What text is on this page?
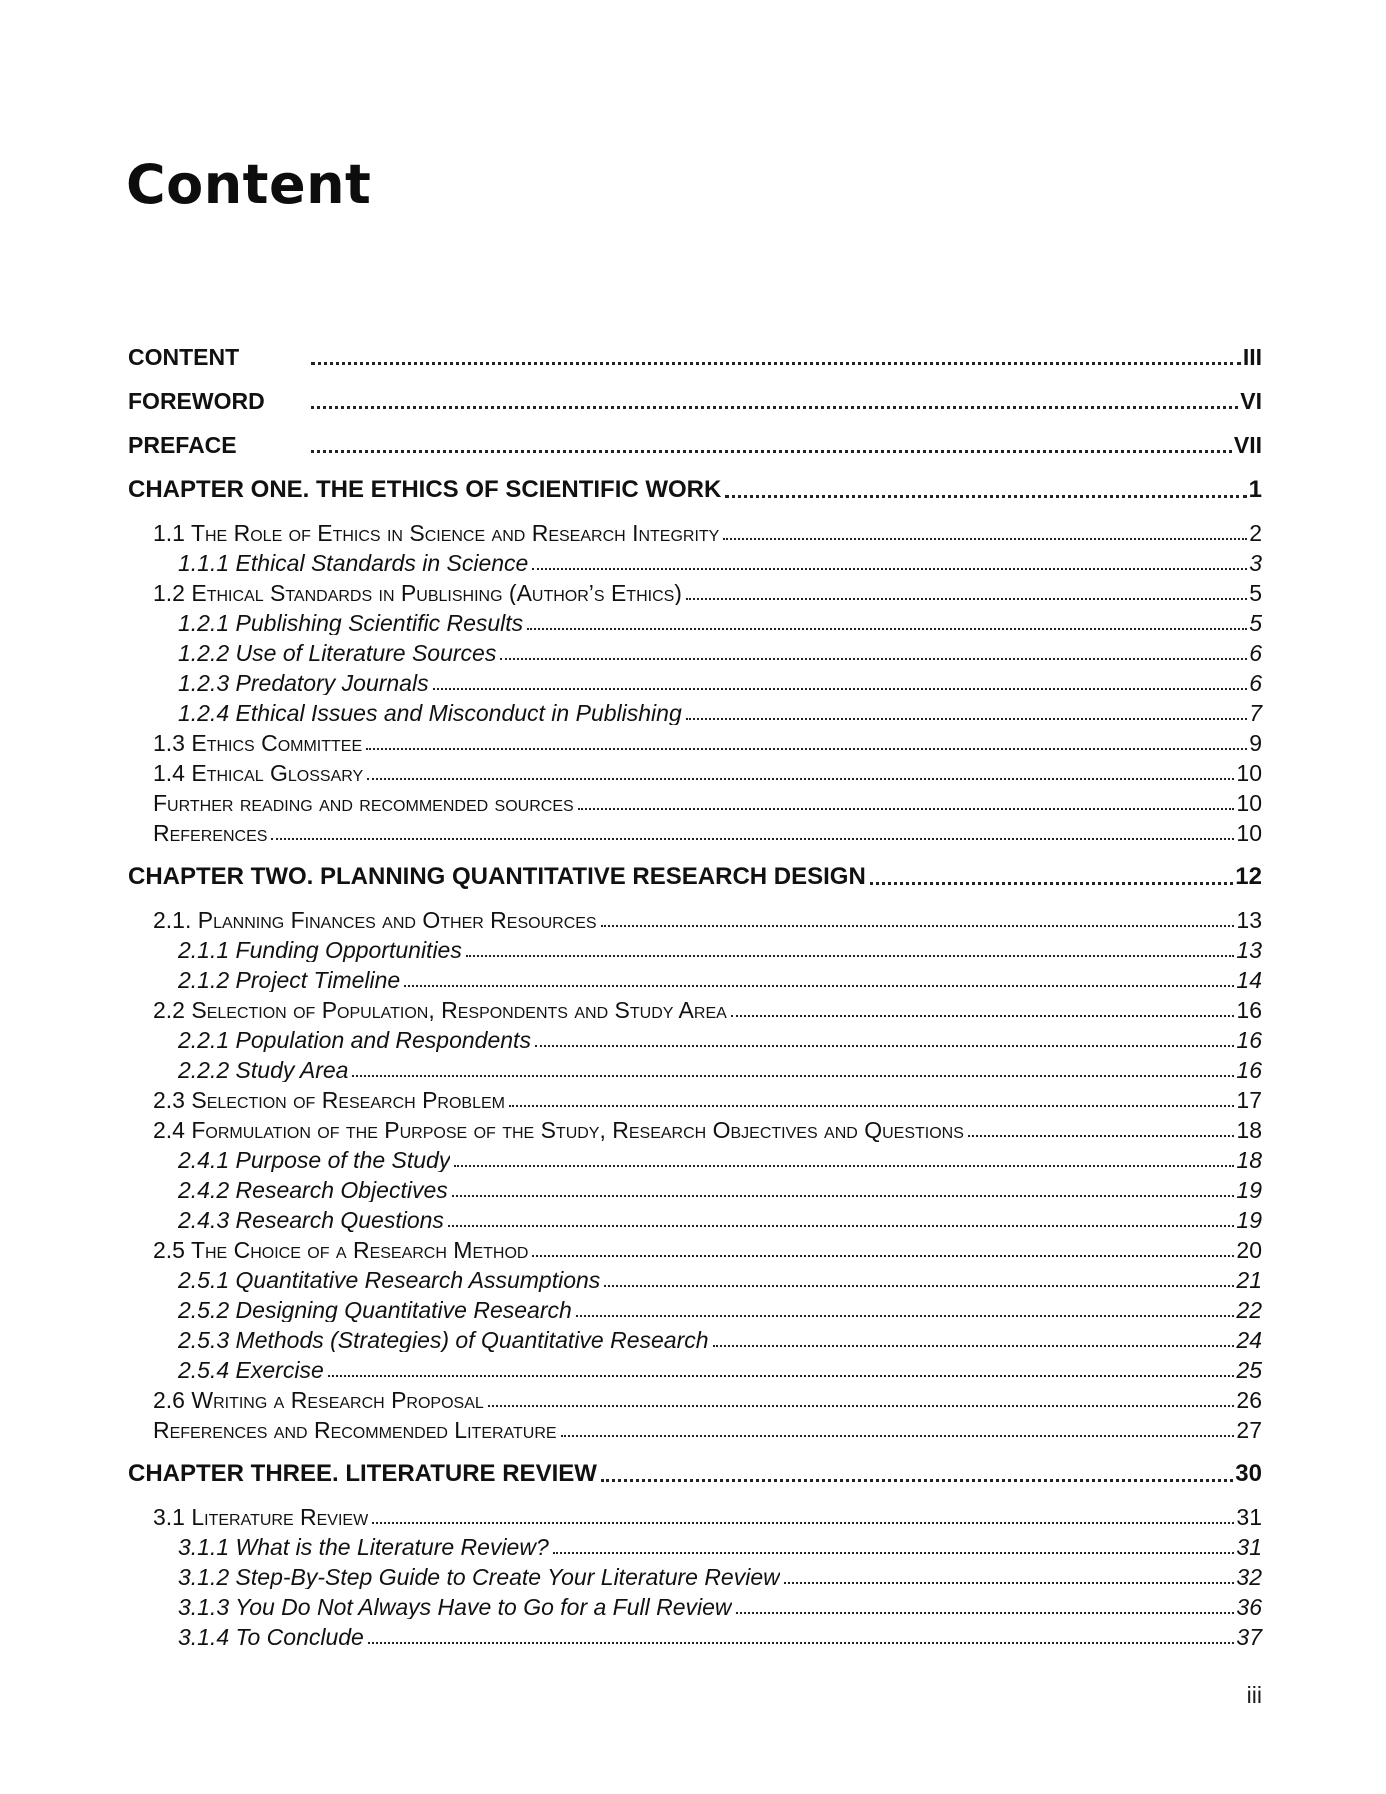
Content
CONTENT	III
FOREWORD	VI
PREFACE	VII
CHAPTER ONE. THE ETHICS OF SCIENTIFIC WORK	1
1.1 The Role of Ethics in Science and Research Integrity	2
1.1.1 Ethical Standards in Science	3
1.2 Ethical Standards in Publishing (Author’s Ethics)	5
1.2.1 Publishing Scientific Results	5
1.2.2 Use of Literature Sources	6
1.2.3 Predatory Journals	6
1.2.4 Ethical Issues and Misconduct in Publishing	7
1.3 Ethics Committee	9
1.4 Ethical Glossary	10
Further reading and recommended sources	10
References	10
CHAPTER TWO. PLANNING QUANTITATIVE RESEARCH DESIGN	12
2.1. Planning Finances and Other Resources	13
2.1.1 Funding Opportunities	13
2.1.2 Project Timeline	14
2.2 Selection of Population, Respondents and Study Area	16
2.2.1 Population and Respondents	16
2.2.2 Study Area	16
2.3 Selection of Research Problem	17
2.4 Formulation of the Purpose of the Study, Research Objectives and Questions	18
2.4.1 Purpose of the Study	18
2.4.2 Research Objectives	19
2.4.3 Research Questions	19
2.5 The Choice of a Research Method	20
2.5.1 Quantitative Research Assumptions	21
2.5.2 Designing Quantitative Research	22
2.5.3 Methods (Strategies) of Quantitative Research	24
2.5.4 Exercise	25
2.6 Writing a Research Proposal	26
References and Recommended Literature	27
CHAPTER THREE. LITERATURE REVIEW	30
3.1 Literature Review	31
3.1.1 What is the Literature Review?	31
3.1.2 Step-By-Step Guide to Create Your Literature Review	32
3.1.3 You Do Not Always Have to Go for a Full Review	36
3.1.4 To Conclude	37
iii
